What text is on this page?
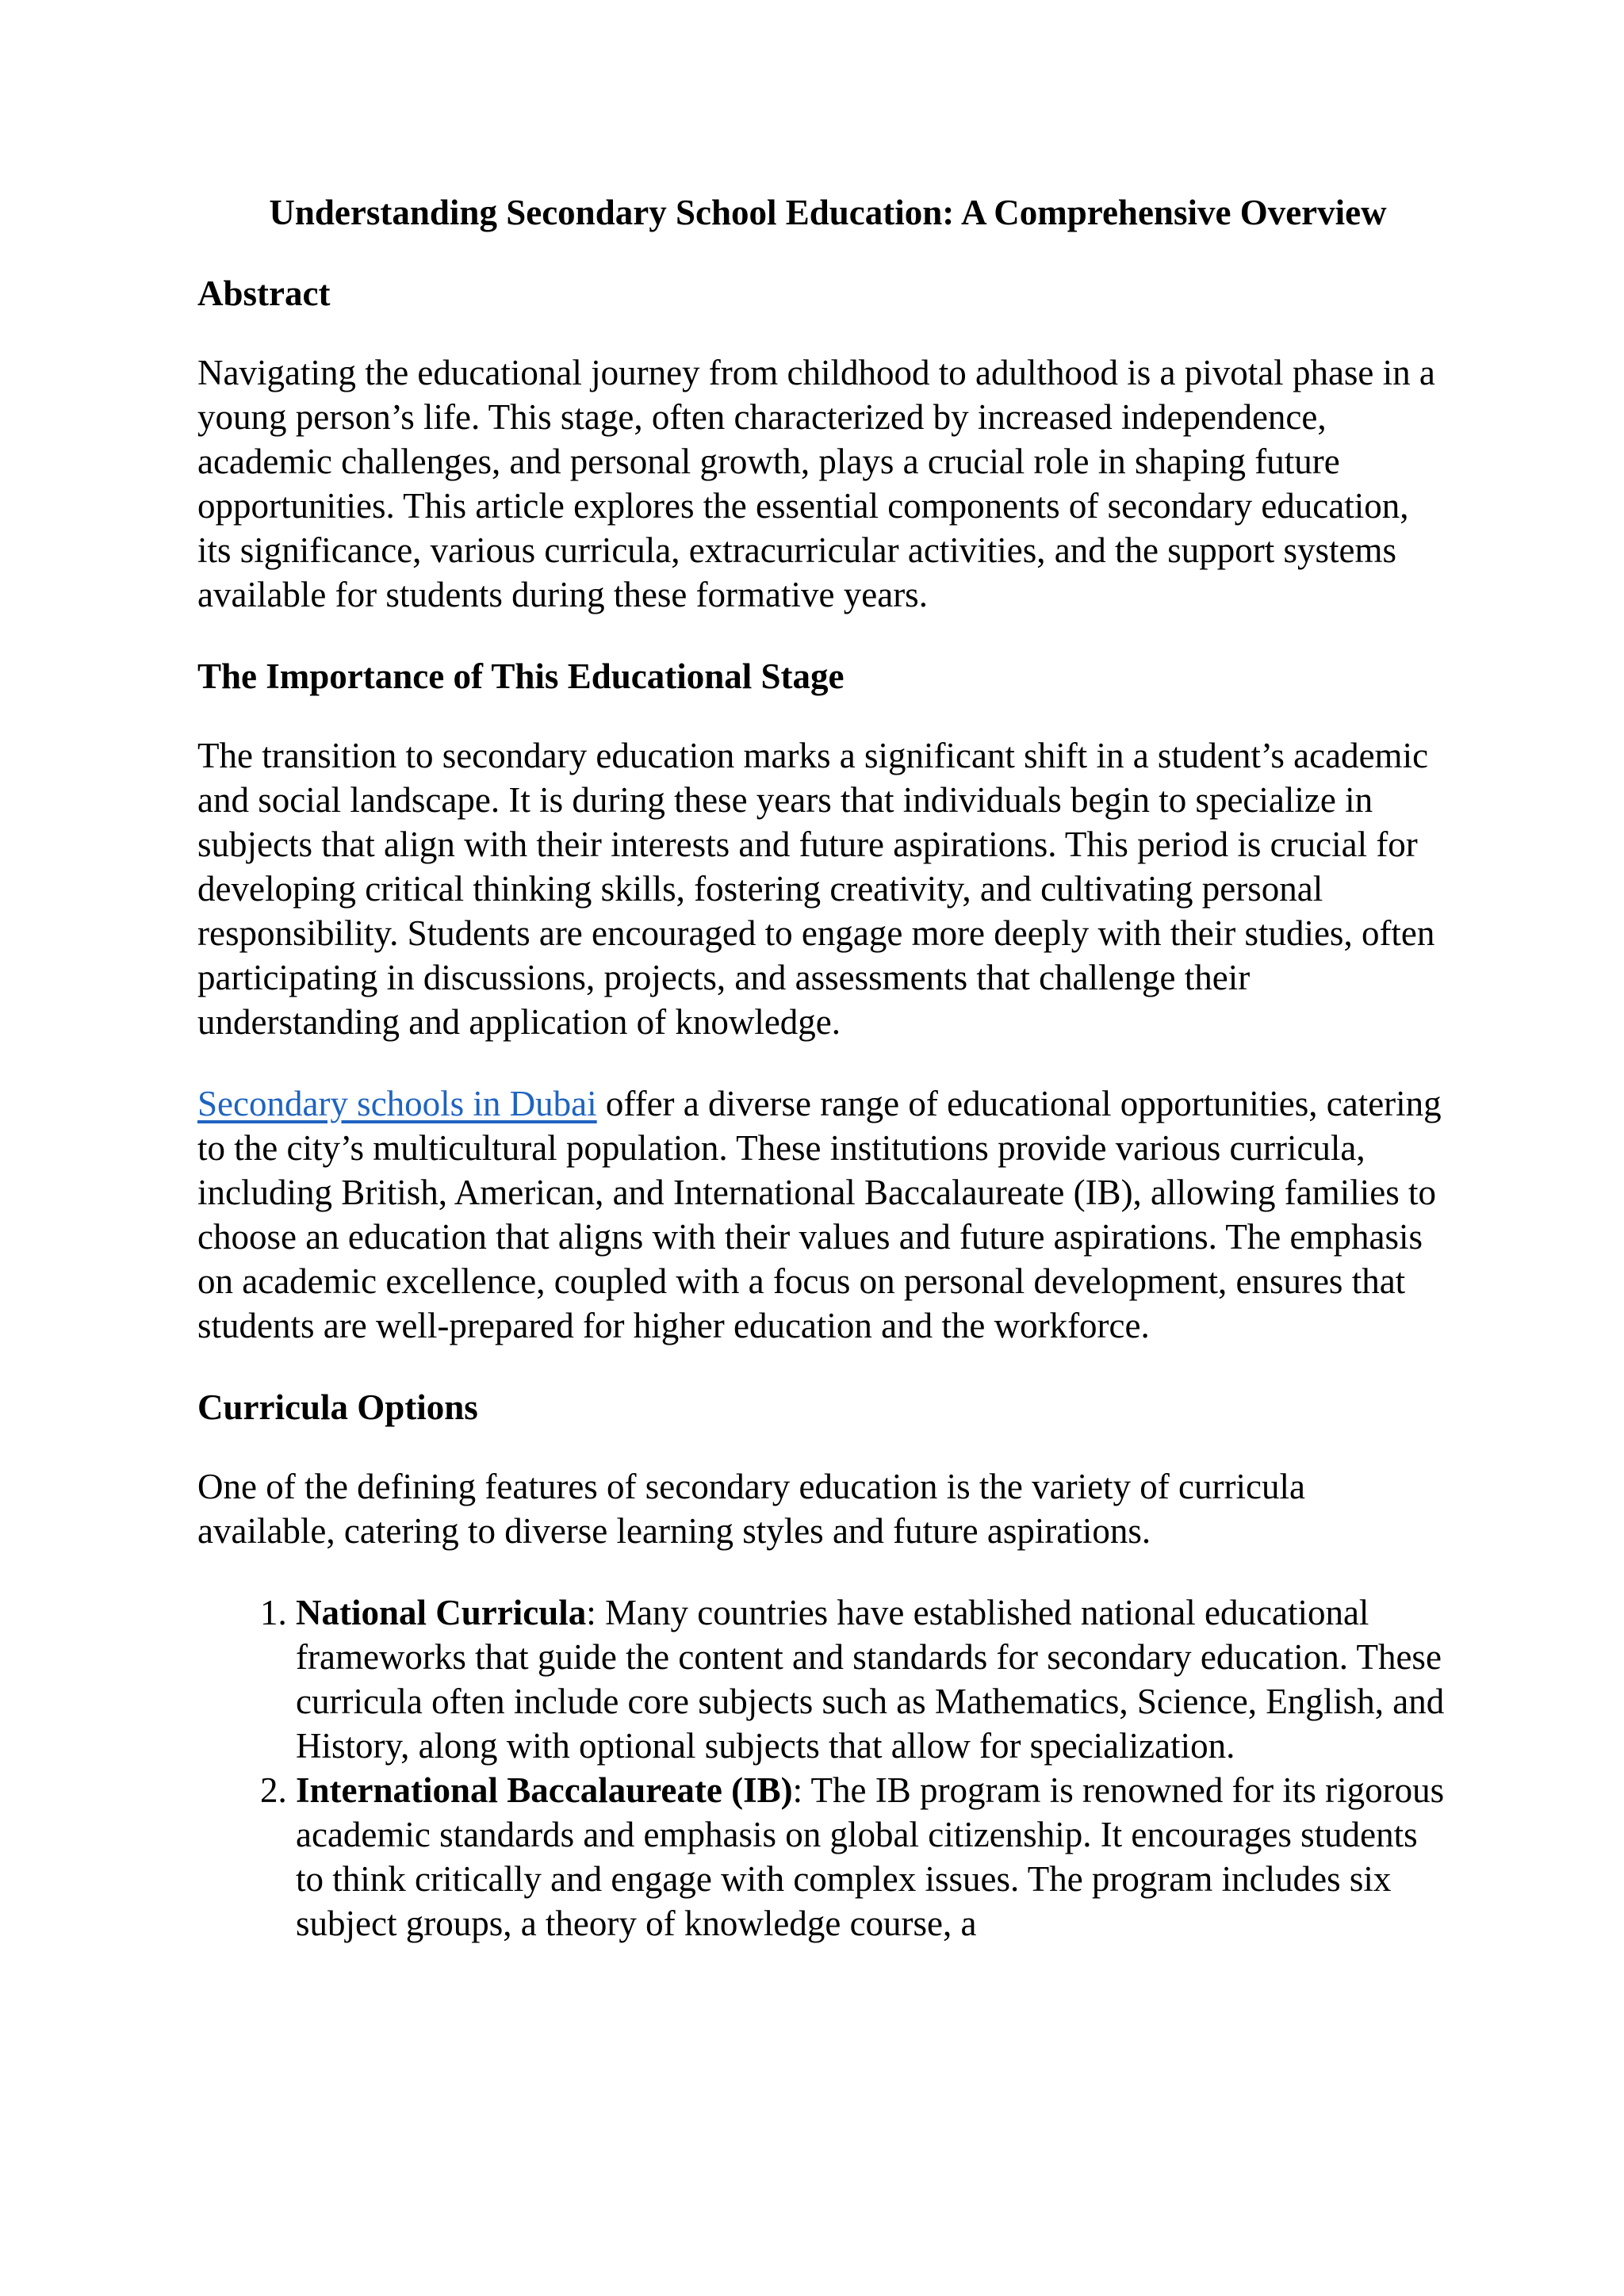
Understanding Secondary School Education: A Comprehensive Overview
Abstract

Navigating the educational journey from childhood to adulthood is a pivotal phase in a young person’s life. This stage, often characterized by increased independence, academic challenges, and personal growth, plays a crucial role in shaping future opportunities. This article explores the essential components of secondary education, its significance, various curricula, extracurricular activities, and the support systems available for students during these formative years.

The Importance of This Educational Stage

The transition to secondary education marks a significant shift in a student’s academic and social landscape. It is during these years that individuals begin to specialize in subjects that align with their interests and future aspirations. This period is crucial for developing critical thinking skills, fostering creativity, and cultivating personal responsibility. Students are encouraged to engage more deeply with their studies, often participating in discussions, projects, and assessments that challenge their understanding and application of knowledge.

Secondary schools in Dubai offer a diverse range of educational opportunities, catering to the city’s multicultural population. These institutions provide various curricula, including British, American, and International Baccalaureate (IB), allowing families to choose an education that aligns with their values and future aspirations. The emphasis on academic excellence, coupled with a focus on personal development, ensures that students are well-prepared for higher education and the workforce.

Curricula Options

One of the defining features of secondary education is the variety of curricula available, catering to diverse learning styles and future aspirations.

1. National Curricula: Many countries have established national educational frameworks that guide the content and standards for secondary education. These curricula often include core subjects such as Mathematics, Science, English, and History, along with optional subjects that allow for specialization.
2. International Baccalaureate (IB): The IB program is renowned for its rigorous academic standards and emphasis on global citizenship. It encourages students to think critically and engage with complex issues. The program includes six subject groups, a theory of knowledge course, a
